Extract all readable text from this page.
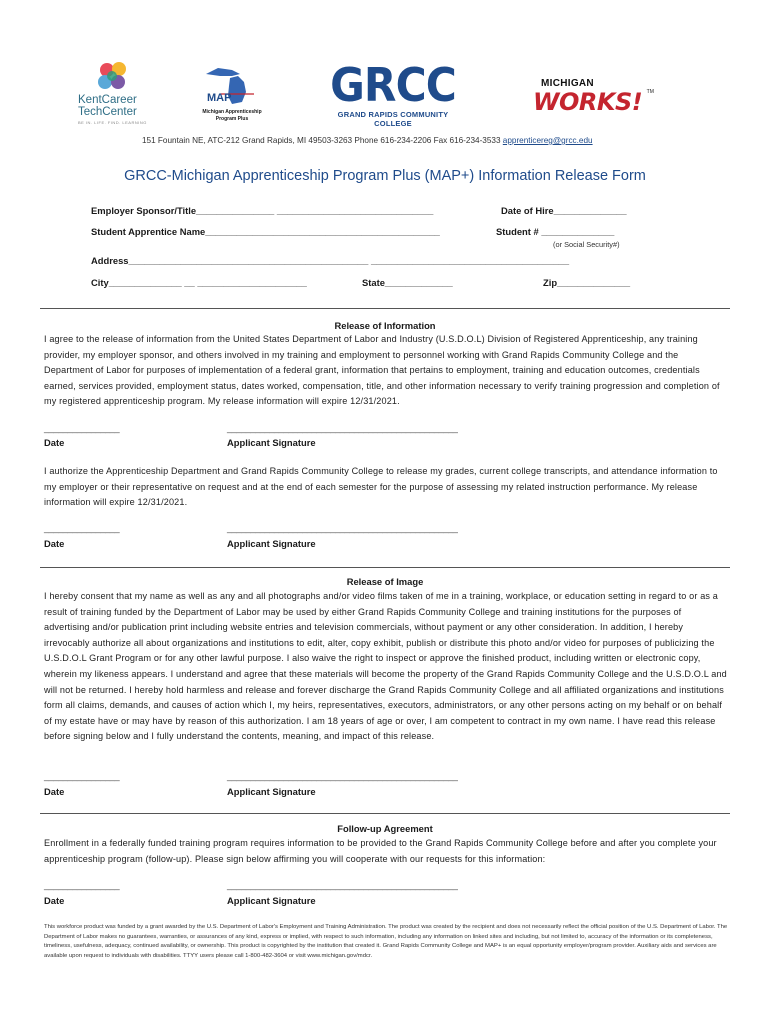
KentCareer
TechCenter
BE IN. LIFE. FIND. LEARNING
MAP
Michigan Apprenticeship
Program Plus
GRCC
GRAND RAPIDS COMMUNITY COLLEGE
MICHIGAN
WORKS! ™
151 Fountain NE, ATC-212 Grand Rapids, MI 49503-3263 Phone 616-234-2206 Fax 616-234-3533 apprenticereg@grcc.edu
GRCC-Michigan Apprenticeship Program Plus (MAP+) Information Release Form
Employer Sponsor/Title_______________ ______________________________	Date of Hire______________
Student Apprentice Name_____________________________________________	Student # ______________
(or Social Security#)
Address______________________________________________ ______________________________________
City______________ __ _____________________	State_____________	Zip______________
Release of Information
I agree to the release of information from the United States Department of Labor and Industry (U.S.D.O.L) Division of Registered Apprenticeship, any training provider, my employer sponsor, and others involved in my training and employment to personnel working with Grand Rapids Community College and the Department of Labor for purposes of implementation of a federal grant, information that pertains to employment, training and education outcomes, credentials earned, services provided, employment status, dates worked, compensation, title, and other information necessary to verify training progression and completion of my registered apprenticeship program. My release information will expire 12/31/2021.
________________	_________________________________________________
Date	Applicant Signature
I authorize the Apprenticeship Department and Grand Rapids Community College to release my grades, current college transcripts, and attendance information to my employer or their representative on request and at the end of each semester for the purpose of assessing my related instruction performance. My release information will expire 12/31/2021.
________________	_________________________________________________
Date	Applicant Signature
Release of Image
I hereby consent that my name as well as any and all photographs and/or video films taken of me in a training, workplace, or education setting in regard to or as a result of training funded by the Department of Labor may be used by either Grand Rapids Community College and training institutions for the purposes of advertising and/or publication print including website entries and television commercials, without payment or any other consideration. In addition, I hereby irrevocably authorize all about organizations and institutions to edit, alter, copy exhibit, publish or distribute this photo and/or video for purposes of publicizing the U.S.D.O.L Grant Program or for any other lawful purpose. I also waive the right to inspect or approve the finished product, including written or electronic copy, wherein my likeness appears. I understand and agree that these materials will become the property of the Grand Rapids Community College and the U.S.D.O.L and will not be returned. I hereby hold harmless and release and forever discharge the Grand Rapids Community College and all affiliated organizations and institutions form all claims, demands, and causes of action which I, my heirs, representatives, executors, administrators, or any other persons acting on my behalf or on behalf of my estate have or may have by reason of this authorization. I am 18 years of age or over, I am competent to contract in my own name. I have read this release before signing below and I fully understand the contents, meaning, and impact of this release.
________________	_________________________________________________
Date	Applicant Signature
Follow-up Agreement
Enrollment in a federally funded training program requires information to be provided to the Grand Rapids Community College before and after you complete your apprenticeship program (follow-up). Please sign below affirming you will cooperate with our requests for this information:
________________	_________________________________________________
Date	Applicant Signature
This workforce product was funded by a grant awarded by the U.S. Department of Labor's Employment and Training Administration. The product was created by the recipient and does not necessarily reflect the official position of the U.S. Department of Labor. The Department of Labor makes no guarantees, warranties, or assurances of any kind, express or implied, with respect to such information, including any information on linked sites and including, but not limited to, accuracy of the information or its completeness, timeliness, usefulness, adequacy, continued availability, or ownership. This product is copyrighted by the institution that created it. Grand Rapids Community College and MAP+ is an equal opportunity employer/program provider. Auxiliary aids and services are available upon request to individuals with disabilities. TTYY users please call 1-800-482-3604 or visit www.michigan.gov/mdcr.
